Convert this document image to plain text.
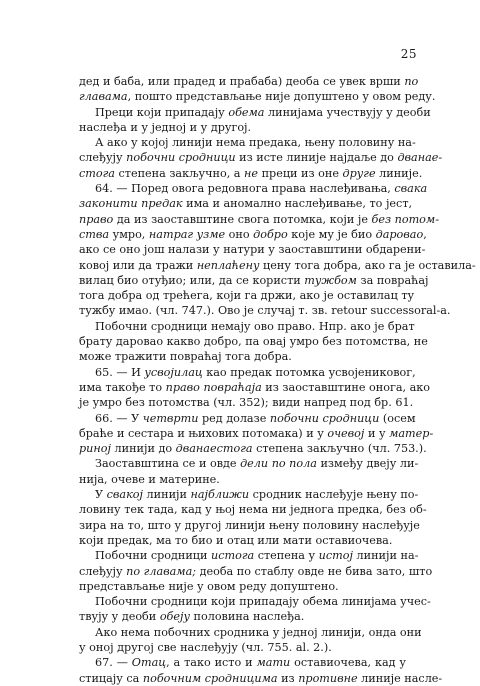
25
дед и баба, или прадед и прабаба) деоба се увек врши по
главама, пошто представљање није допуштено у овом реду.
Преци који припадају обема линијама учествују у деоби
наслеђа и у једној и у другој.
А ако у којој линији нема предака, њену половину на-
слеђују побочни сродници из исте линије најдаље до дванае-
стога степена закључно, а не преци из оне друге линије.
64. — Поред овога редовнога права наслеђивања, свака
законити предак има и аномално наслеђивање, то јест,
право да из заоставштине свога потомка, који је без потом-
ства умро, натраг узме оно добро које му је био даровао,
ако се оно још налази у натури у заоставштини обдарени-
ковој или да тражи неплаћену цену тога добра, ако га је оставила-
вилац био отуђио; или, да се користи тужбом за повраћај
тога добра од трећега, који га држи, ако је оставилац ту
тужбу имао. (чл. 747.). Ово је случај т. зв. retour successoral-а.
Побочни сродници немају ово право. Нпр. ако је брат
брату даровао какво добро, па овај умро без потомства, не
може тражити повраћај тога добра.
65. — И усвојилац као предак потомка усвојениковог,
има такође то право повраћаја из заоставштине онога, ако
је умро без потомства (чл. 352); види напред под бр. 61.
66. — У четврти ред долазе побочни сродници (осем
браће и сестара и њихових потомака) и у очевој и у матер-
риној линији до дванаестога степена закључно (чл. 753.).
Заоставштина се и овде дели по пола између двеју ли-
нија, очеве и материне.
У свакој линији најближи сродник наслеђује њену по-
ловину тек тада, кад у њој нема ни једнога предка, без об-
зира на то, што у другој линији њену половину наслеђује
који предак, ма то био и отац или мати оставиочева.
Побочни сродници истога степена у истој линији на-
слеђују по главама; деоба по стаблу овде не бива зато, што
представљање није у овом реду допуштено.
Побочни сродници који припадају обема линијама учес-
твују у деоби обеју половина наслеђа.
Ако нема побочних сродника у једној линији, онда они
у оној другој све наслеђују (чл. 755. al. 2.).
67. — Отац, а тако исто и мати оставиочева, кад у
стицају са побочним сродницима из противне линије насле-
